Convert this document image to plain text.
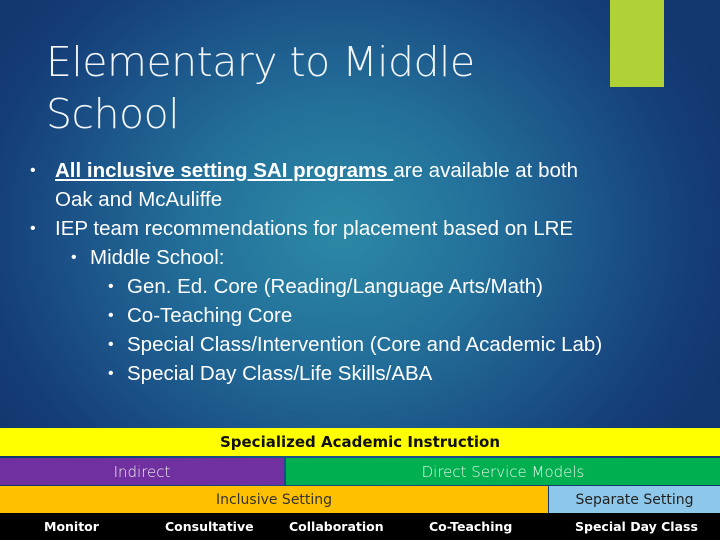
Elementary to Middle
School
• All inclusive setting SAI programs are available at both
Oak and McAuliffe
• IEP team recommendations for placement based on LRE
• Middle School:
• Gen. Ed. Core (Reading/Language Arts/Math)
• Co-Teaching Core
• Special Class/Intervention (Core and Academic Lab)
• Special Day Class/Life Skills/ABA
Specialized Academic Instruction
Indirect	Direct Service Models
Inclusive Setting	Separate Setting
Monitor	Consultative	Collaboration	Co-Teaching	Special Day Class
